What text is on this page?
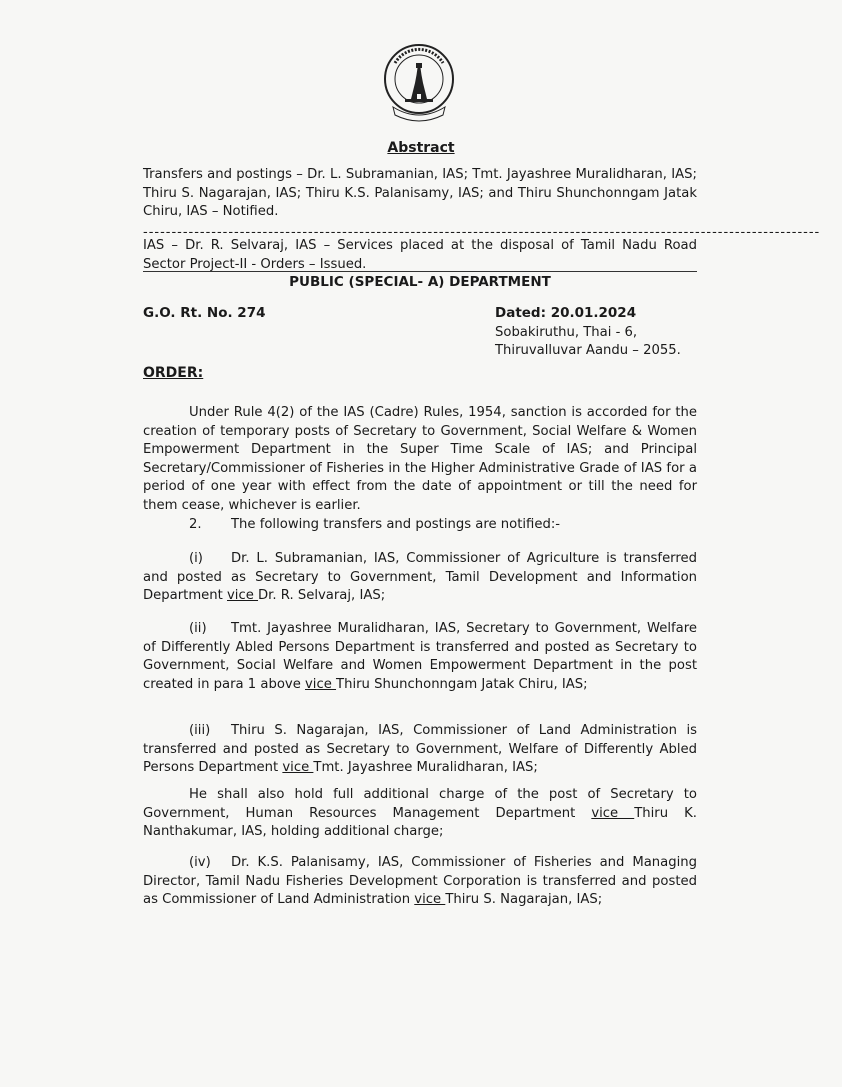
Abstract
Transfers and postings – Dr. L. Subramanian, IAS; Tmt. Jayashree Muralidharan, IAS; Thiru S. Nagarajan, IAS; Thiru K.S. Palanisamy, IAS; and Thiru Shunchonngam Jatak Chiru, IAS – Notified.
-----------------------------------------------------------------------------------------------------------------------
IAS – Dr. R. Selvaraj, IAS – Services placed at the disposal of Tamil Nadu Road Sector Project-II - Orders – Issued.
PUBLIC (SPECIAL- A) DEPARTMENT
G.O. Rt. No. 274	Dated: 20.01.2024
Sobakiruthu, Thai - 6,
Thiruvalluvar Aandu – 2055.
ORDER:
Under Rule 4(2) of the IAS (Cadre) Rules, 1954, sanction is accorded for the creation of temporary posts of Secretary to Government, Social Welfare & Women Empowerment Department in the Super Time Scale of IAS; and Principal Secretary/Commissioner of Fisheries in the Higher Administrative Grade of IAS for a period of one year with effect from the date of appointment or till the need for them cease, whichever is earlier.
2. The following transfers and postings are notified:-
(i) Dr. L. Subramanian, IAS, Commissioner of Agriculture is transferred and posted as Secretary to Government, Tamil Development and Information Department vice Dr. R. Selvaraj, IAS;
(ii) Tmt. Jayashree Muralidharan, IAS, Secretary to Government, Welfare of Differently Abled Persons Department is transferred and posted as Secretary to Government, Social Welfare and Women Empowerment Department in the post created in para 1 above vice Thiru Shunchonngam Jatak Chiru, IAS;
(iii) Thiru S. Nagarajan, IAS, Commissioner of Land Administration is transferred and posted as Secretary to Government, Welfare of Differently Abled Persons Department vice Tmt. Jayashree Muralidharan, IAS;
He shall also hold full additional charge of the post of Secretary to Government, Human Resources Management Department vice Thiru K. Nanthakumar, IAS, holding additional charge;
(iv) Dr. K.S. Palanisamy, IAS, Commissioner of Fisheries and Managing Director, Tamil Nadu Fisheries Development Corporation is transferred and posted as Commissioner of Land Administration vice Thiru S. Nagarajan, IAS;
